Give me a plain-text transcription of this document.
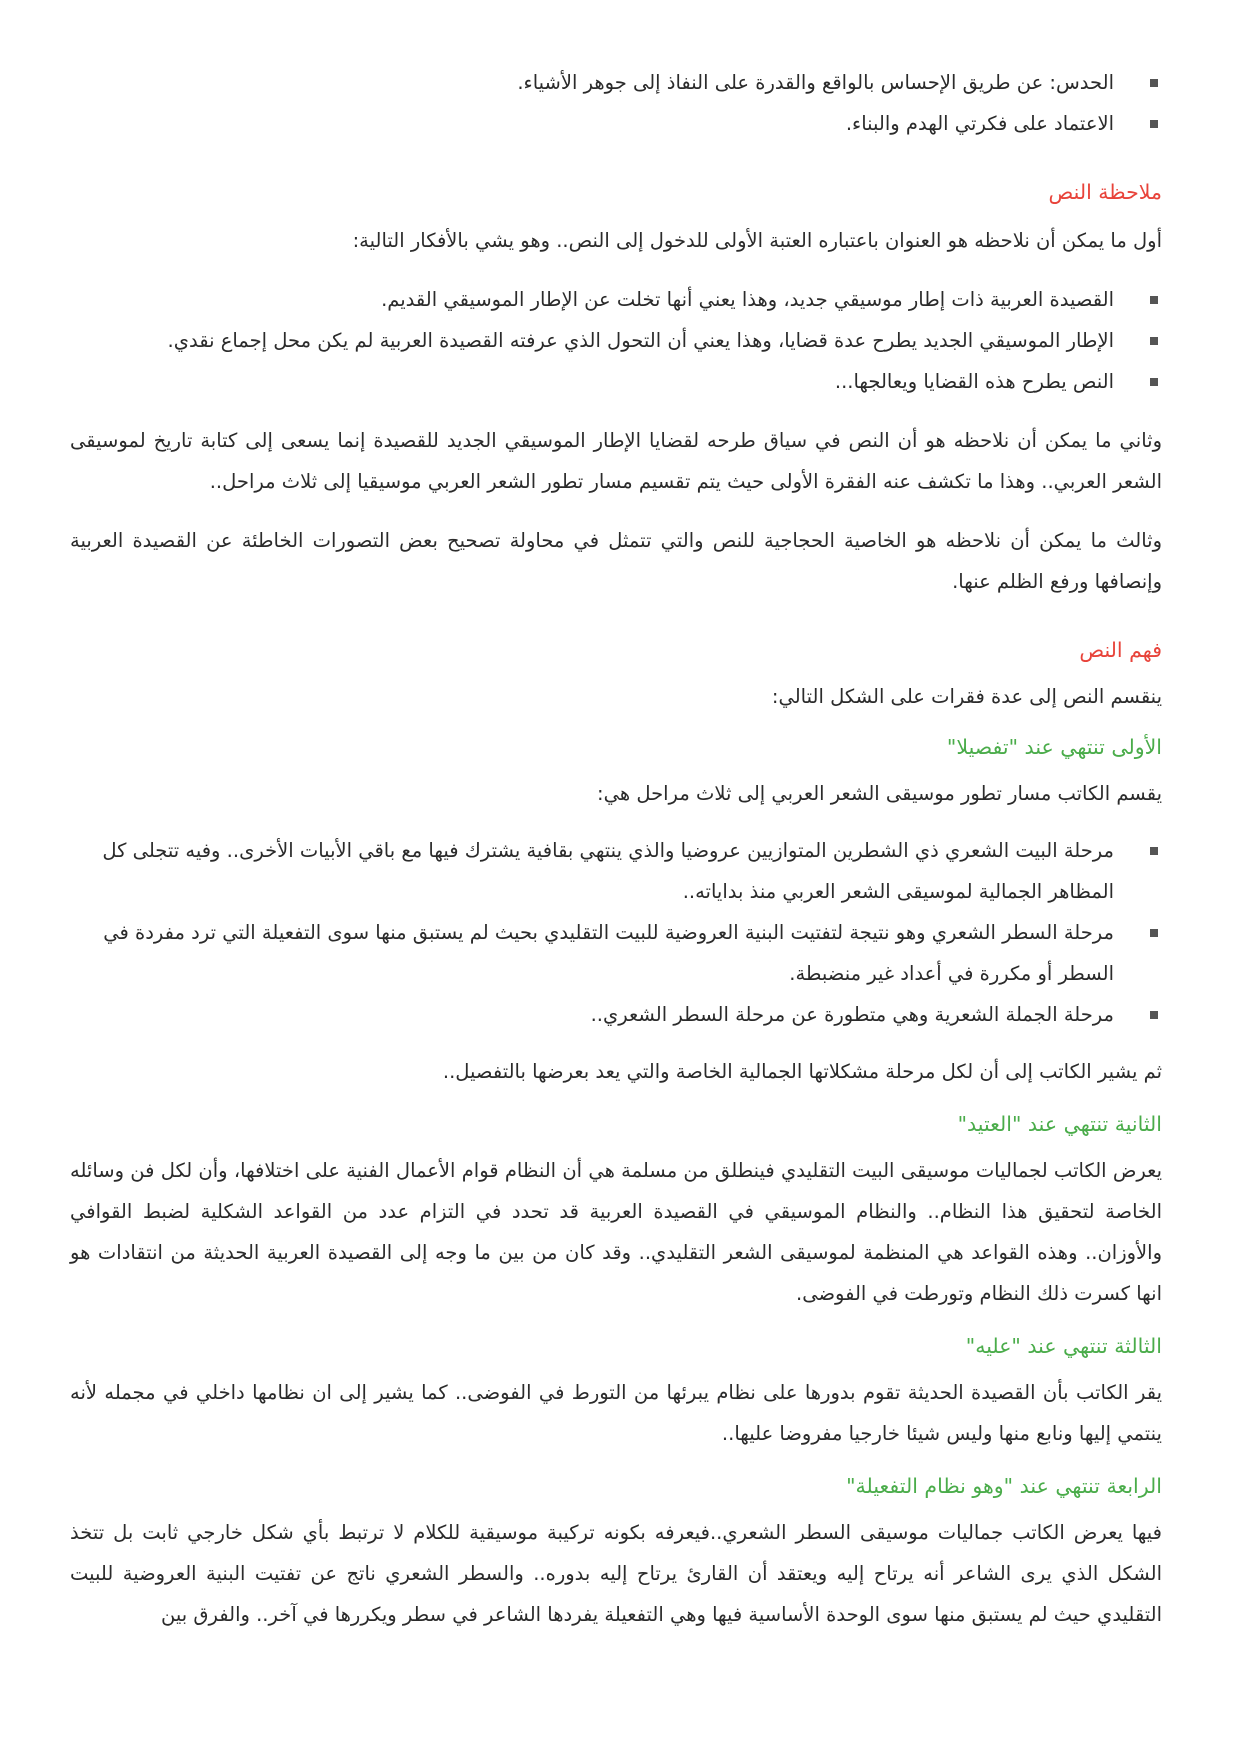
الحدس: عن طريق الإحساس بالواقع والقدرة على النفاذ إلى جوهر الأشياء.
الاعتماد على فكرتي الهدم والبناء.
ملاحظة النص

أول ما يمكن أن نلاحظه هو العنوان باعتباره العتبة الأولى للدخول إلى النص.. وهو يشي بالأفكار التالية:

القصيدة العربية ذات إطار موسيقي جديد، وهذا يعني أنها تخلت عن الإطار الموسيقي القديم.
الإطار الموسيقي الجديد يطرح عدة قضايا، وهذا يعني أن التحول الذي عرفته القصيدة العربية لم يكن محل إجماع نقدي.
النص يطرح هذه القضايا ويعالجها...

وثاني ما يمكن أن نلاحظه هو أن النص في سياق طرحه لقضايا الإطار الموسيقي الجديد للقصيدة إنما يسعى إلى كتابة تاريخ لموسيقى الشعر العربي.. وهذا ما تكشف عنه الفقرة الأولى حيث يتم تقسيم مسار تطور الشعر العربي موسيقيا إلى ثلاث مراحل..

وثالث ما يمكن أن نلاحظه هو الخاصية الحجاجية للنص والتي تتمثل في محاولة تصحيح بعض التصورات الخاطئة عن القصيدة العربية وإنصافها ورفع الظلم عنها.

فهم النص

ينقسم النص إلى عدة فقرات على الشكل التالي:

الأولى تنتهي عند "تفصيلا"

يقسم الكاتب مسار تطور موسيقى الشعر العربي إلى ثلاث مراحل هي:

مرحلة البيت الشعري ذي الشطرين المتوازيين عروضيا والذي ينتهي بقافية يشترك فيها مع باقي الأبيات الأخرى.. وفيه تتجلى كل المظاهر الجمالية لموسيقى الشعر العربي منذ بداياته..
مرحلة السطر الشعري وهو نتيجة لتفتيت البنية العروضية للبيت التقليدي بحيث لم يستبق منها سوى التفعيلة التي ترد مفردة في السطر أو مكررة في أعداد غير منضبطة.
مرحلة الجملة الشعرية وهي متطورة عن مرحلة السطر الشعري..

ثم يشير الكاتب إلى أن لكل مرحلة مشكلاتها الجمالية الخاصة والتي يعد بعرضها بالتفصيل..

الثانية تنتهي عند "العتيد"

يعرض الكاتب لجماليات موسيقى البيت التقليدي فينطلق من مسلمة هي أن النظام قوام الأعمال الفنية على اختلافها، وأن لكل فن وسائله الخاصة لتحقيق هذا النظام.. والنظام الموسيقي في القصيدة العربية قد تحدد في التزام عدد من القواعد الشكلية لضبط القوافي والأوزان.. وهذه القواعد هي المنظمة لموسيقى الشعر التقليدي.. وقد كان من بين ما وجه إلى القصيدة العربية الحديثة من انتقادات هو انها كسرت ذلك النظام وتورطت في الفوضى.

الثالثة تنتهي عند "عليه"

يقر الكاتب بأن القصيدة الحديثة تقوم بدورها على نظام يبرئها من التورط في الفوضى.. كما يشير إلى ان نظامها داخلي في مجمله لأنه ينتمي إليها ونابع منها وليس شيئا خارجيا مفروضا عليها..

الرابعة تنتهي عند "وهو نظام التفعيلة"

فيها يعرض الكاتب جماليات موسيقى السطر الشعري..فيعرفه بكونه تركيبة موسيقية للكلام لا ترتبط بأي شكل خارجي ثابت بل تتخذ الشكل الذي يرى الشاعر أنه يرتاح إليه ويعتقد أن القارئ يرتاح إليه بدوره.. والسطر الشعري ناتج عن تفتيت البنية العروضية للبيت التقليدي حيث لم يستبق منها سوى الوحدة الأساسية فيها وهي التفعيلة يفردها الشاعر في سطر ويكررها في آخر.. والفرق بين
